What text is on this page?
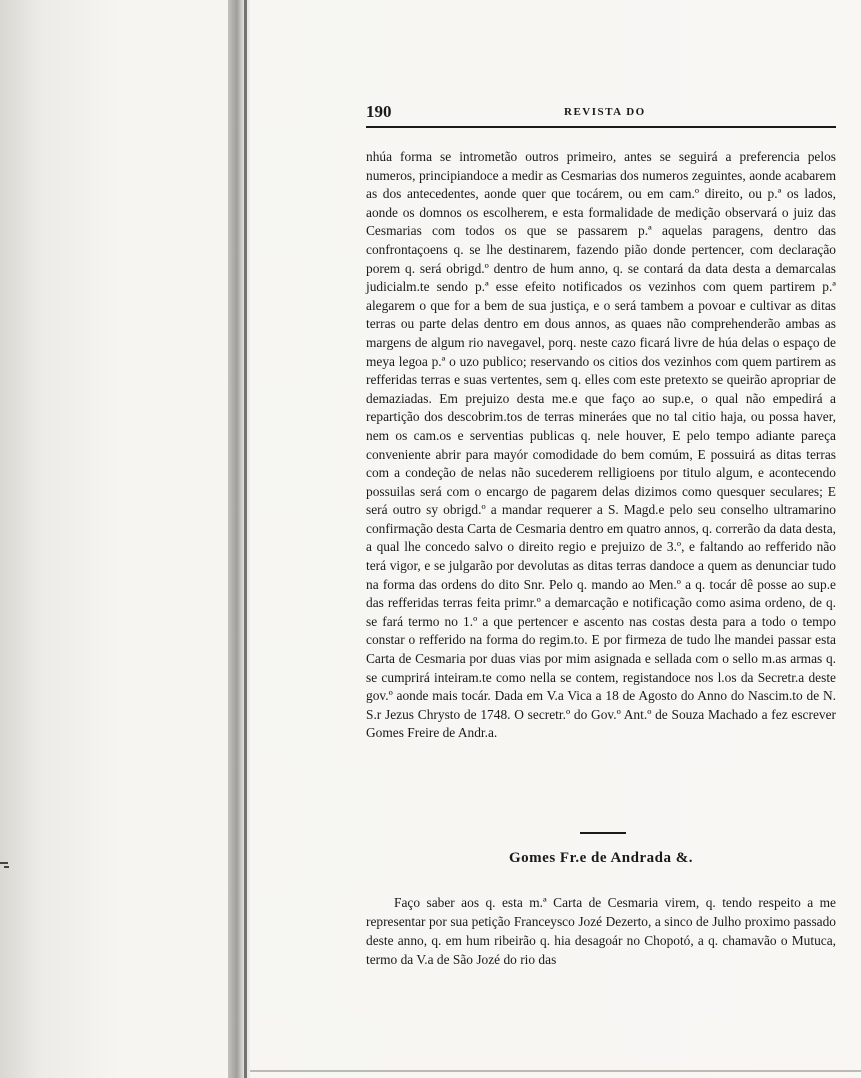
190	REVISTA DO

nhúa forma se intrometão outros primeiro, antes se seguirá a preferencia pelos numeros, principiandoce a medir as Cesmarias dos numeros zeguintes, aonde acabarem as dos antecedentes, aonde quer que tocárem, ou em cam.º direito, ou p.ª os lados, aonde os domnos os escolherem, e esta formalidade de medição observará o juiz das Cesmarias com todos os que se passarem p.ª aquelas paragens, dentro das confrontaçoens q. se lhe destinarem, fazendo pião donde pertencer, com declaração porem q. será obrigd.º dentro de hum anno, q. se contará da data desta a demarcalas judicialm.te sendo p.ª esse efeito notificados os vezinhos com quem partirem p.ª alegarem o que for a bem de sua justiça, e o será tambem a povoar e cultivar as ditas terras ou parte delas dentro em dous annos, as quaes não comprehenderão ambas as margens de algum rio navegavel, porq. neste cazo ficará livre de húa delas o espaço de meya legoa p.ª o uzo publico; reservando os citios dos vezinhos com quem partirem as refferidas terras e suas vertentes, sem q. elles com este pretexto se queirão apropriar de demaziadas. Em prejuizo desta me.e que faço ao sup.e, o qual não empedirá a repartição dos descobrim.tos de terras mineráes que no tal citio haja, ou possa haver, nem os cam.os e serventias publicas q. nele houver, E pelo tempo adiante pareça conveniente abrir para mayór comodidade do bem comúm, E possuirá as ditas terras com a condeção de nelas não sucederem relligioens por titulo algum, e acontecendo possuilas será com o encargo de pagarem delas dizimos como quesquer seculares; E será outro sy obrigd.º a mandar requerer a S. Magd.e pelo seu conselho ultramarino confirmação desta Carta de Cesmaria dentro em quatro annos, q. correrão da data desta, a qual lhe concedo salvo o direito regio e prejuizo de 3.º, e faltando ao refferido não terá vigor, e se julgarão por devolutas as ditas terras dandoce a quem as denunciar tudo na forma das ordens do dito Snr. Pelo q. mando ao Men.º a q. tocár dê posse ao sup.e das refferidas terras feita primr.º a demarcação e notificação como asima ordeno, de q. se fará termo no 1.º a que pertencer e ascento nas costas desta para a todo o tempo constar o refferido na forma do regim.to. E por firmeza de tudo lhe mandei passar esta Carta de Cesmaria por duas vias por mim asignada e sellada com o sello m.as armas q. se cumprirá inteiram.te como nella se contem, registandoce nos l.os da Secretr.a deste gov.º aonde mais tocár. Dada em V.a Vica a 18 de Agosto do Anno do Nascim.to de N. S.r Jezus Chrysto de 1748. O secretr.º do Gov.º Ant.º de Souza Machado a fez escrever Gomes Freire de Andr.a.

Gomes Fr.e de Andrada &.

Faço saber aos q. esta m.ª Carta de Cesmaria virem, q. tendo respeito a me representar por sua petição Franceysco Jozé Dezerto, a sinco de Julho proximo passado deste anno, q. em hum ribeirão q. hia desagoár no Chopotó, a q. chamavão o Mutuca, termo da V.a de São Jozé do rio das
